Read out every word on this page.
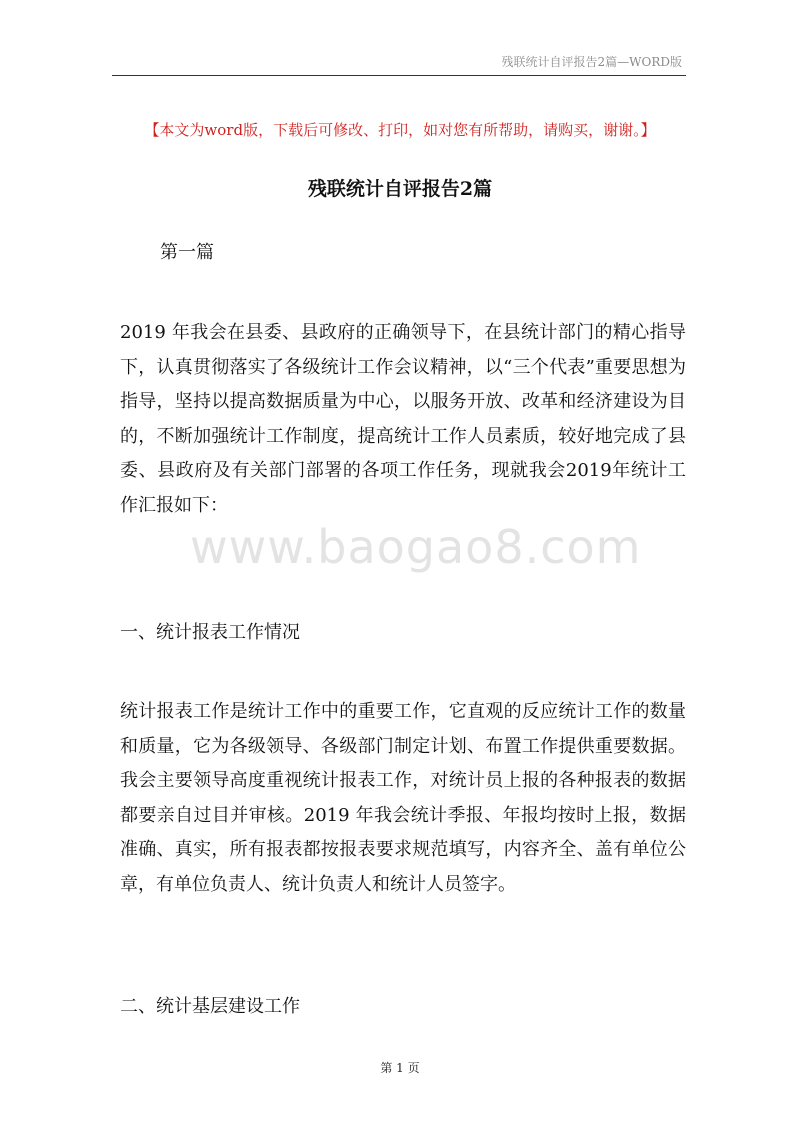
残联统计自评报告2篇—WORD版
【本文为word版，下载后可修改、打印，如对您有所帮助，请购买，谢谢。】
残联统计自评报告2篇
第一篇

2019 年我会在县委、县政府的正确领导下，在县统计部门的精心指导下，认真贯彻落实了各级统计工作会议精神，以“三个代表”重要思想为指导，坚持以提高数据质量为中心，以服务开放、改革和经济建设为目的，不断加强统计工作制度，提高统计工作人员素质，较好地完成了县委、县政府及有关部门部署的各项工作任务，现就我会2019年统计工作汇报如下：

www.baogao8.com
一、统计报表工作情况

统计报表工作是统计工作中的重要工作，它直观的反应统计工作的数量和质量，它为各级领导、各级部门制定计划、布置工作提供重要数据。我会主要领导高度重视统计报表工作，对统计员上报的各种报表的数据都要亲自过目并审核。2019 年我会统计季报、年报均按时上报，数据准确、真实，所有报表都按报表要求规范填写，内容齐全、盖有单位公章，有单位负责人、统计负责人和统计人员签字。

二、统计基层建设工作
第 1 页
